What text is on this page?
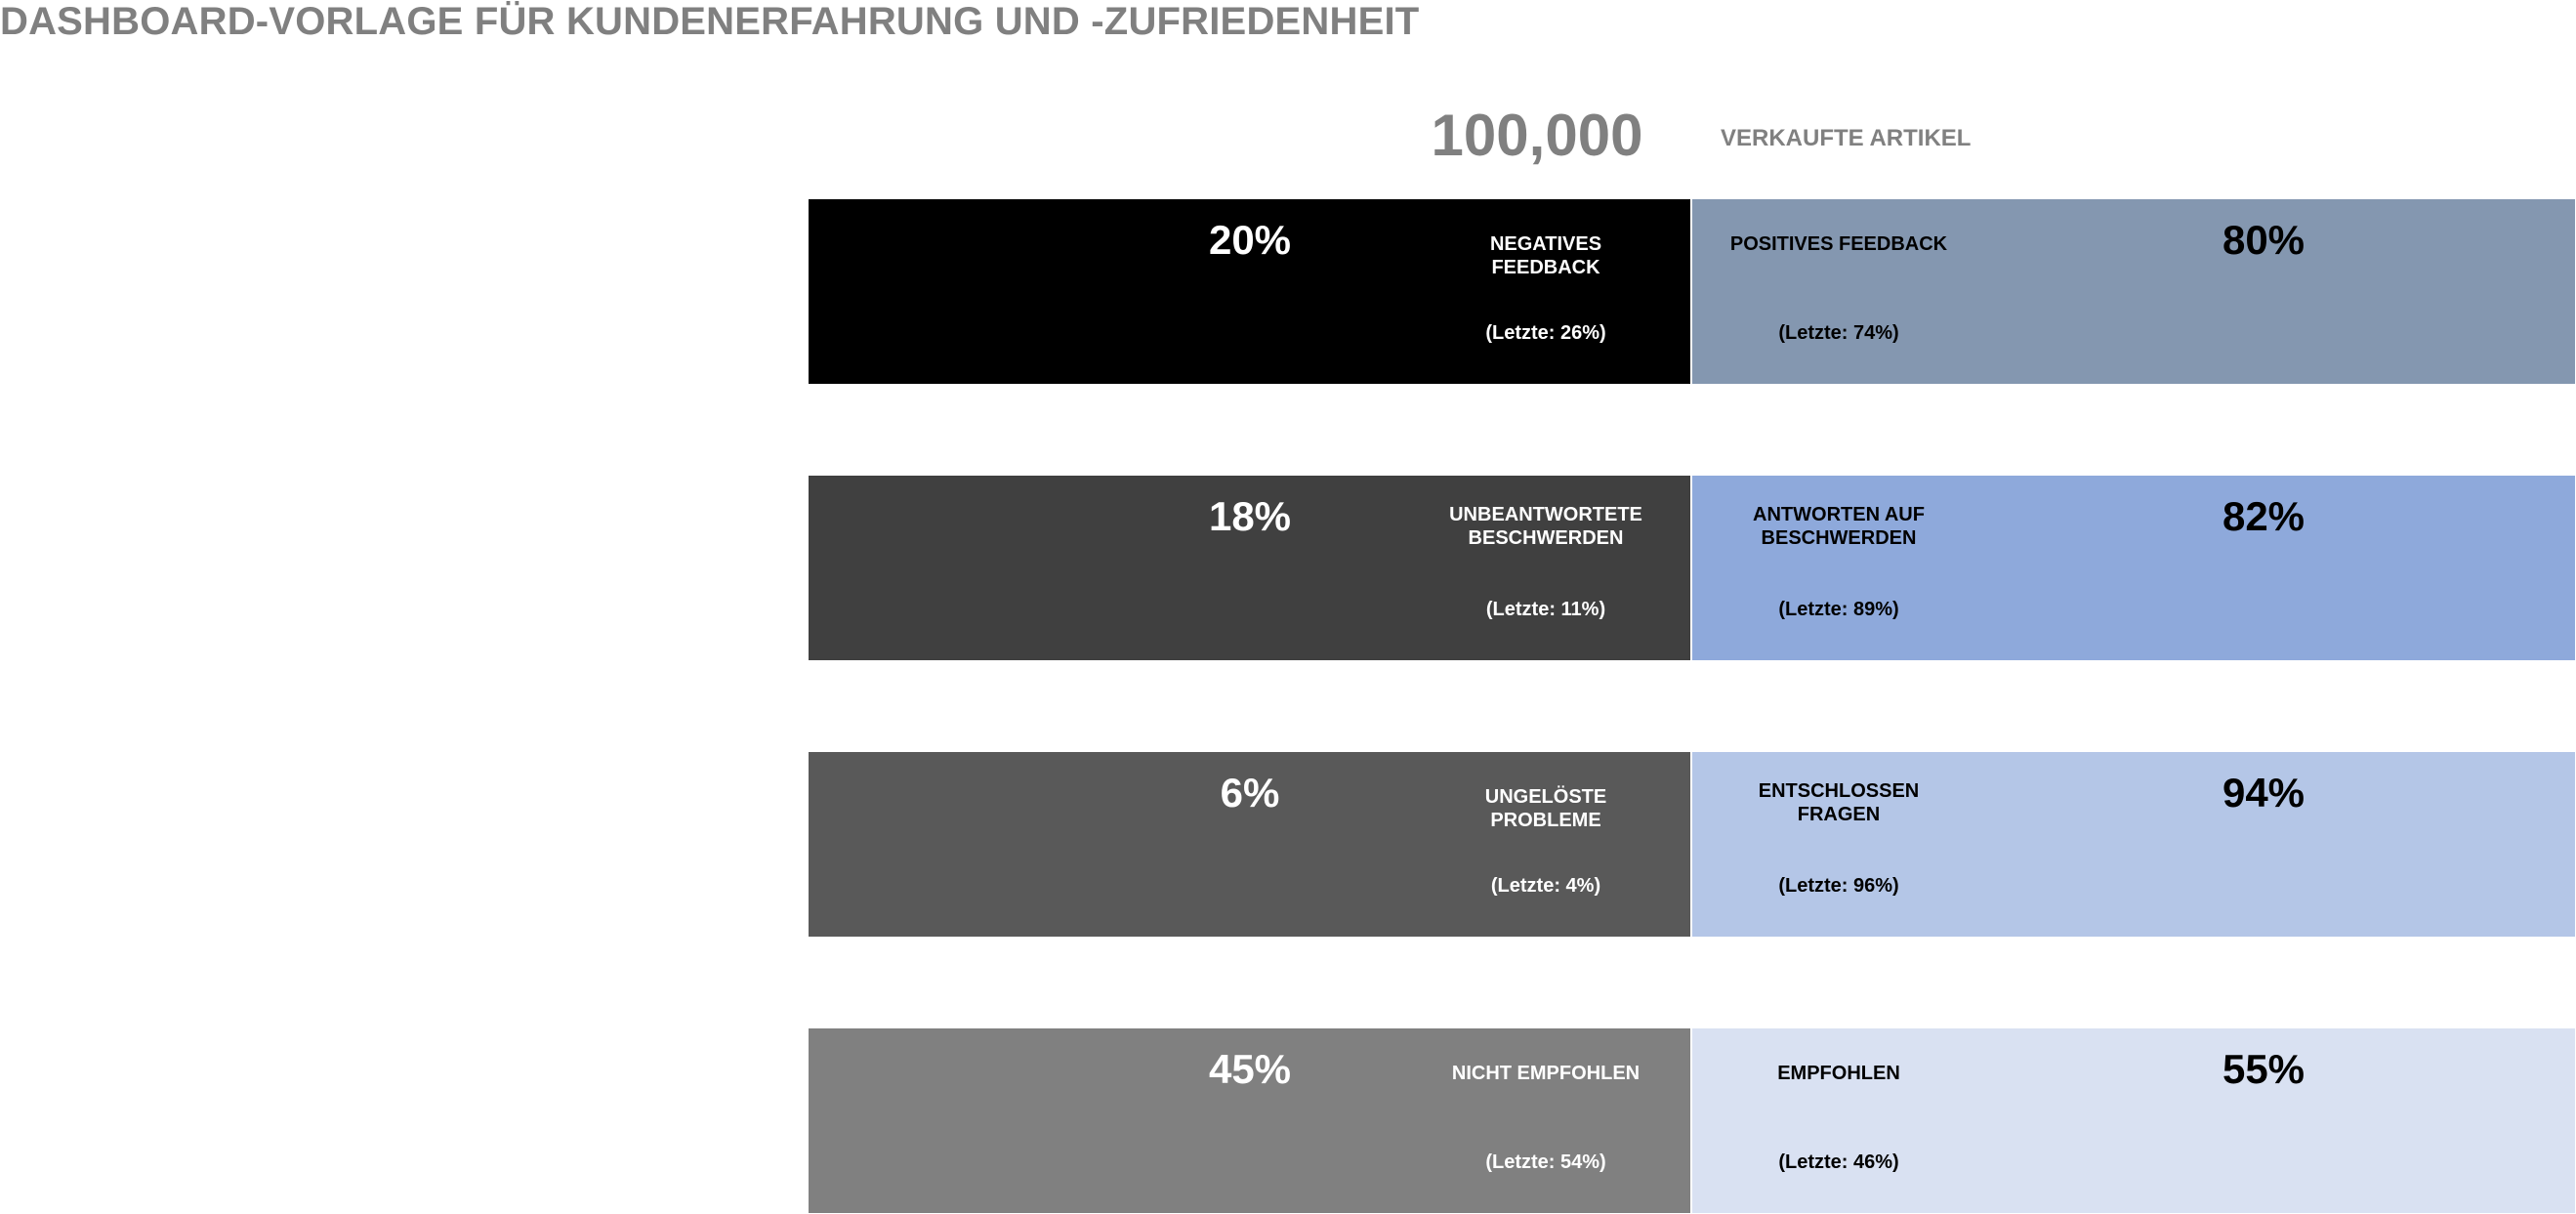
DASHBOARD-VORLAGE FÜR KUNDENERFAHRUNG UND -ZUFRIEDENHEIT
100,000	VERKAUFTE ARTIKEL
20%	NEGATIVES FEEDBACK
(Letzte: 26%)
POSITIVES FEEDBACK	80%
(Letzte: 74%)
18%	UNBEANTWORTETE BESCHWERDEN
(Letzte: 11%)
ANTWORTEN AUF BESCHWERDEN	82%
(Letzte: 89%)
6%	UNGELÖSTE PROBLEME
(Letzte: 4%)
ENTSCHLOSSEN FRAGEN	94%
(Letzte: 96%)
45%	NICHT EMPFOHLEN
(Letzte: 54%)
EMPFOHLEN	55%
(Letzte: 46%)
